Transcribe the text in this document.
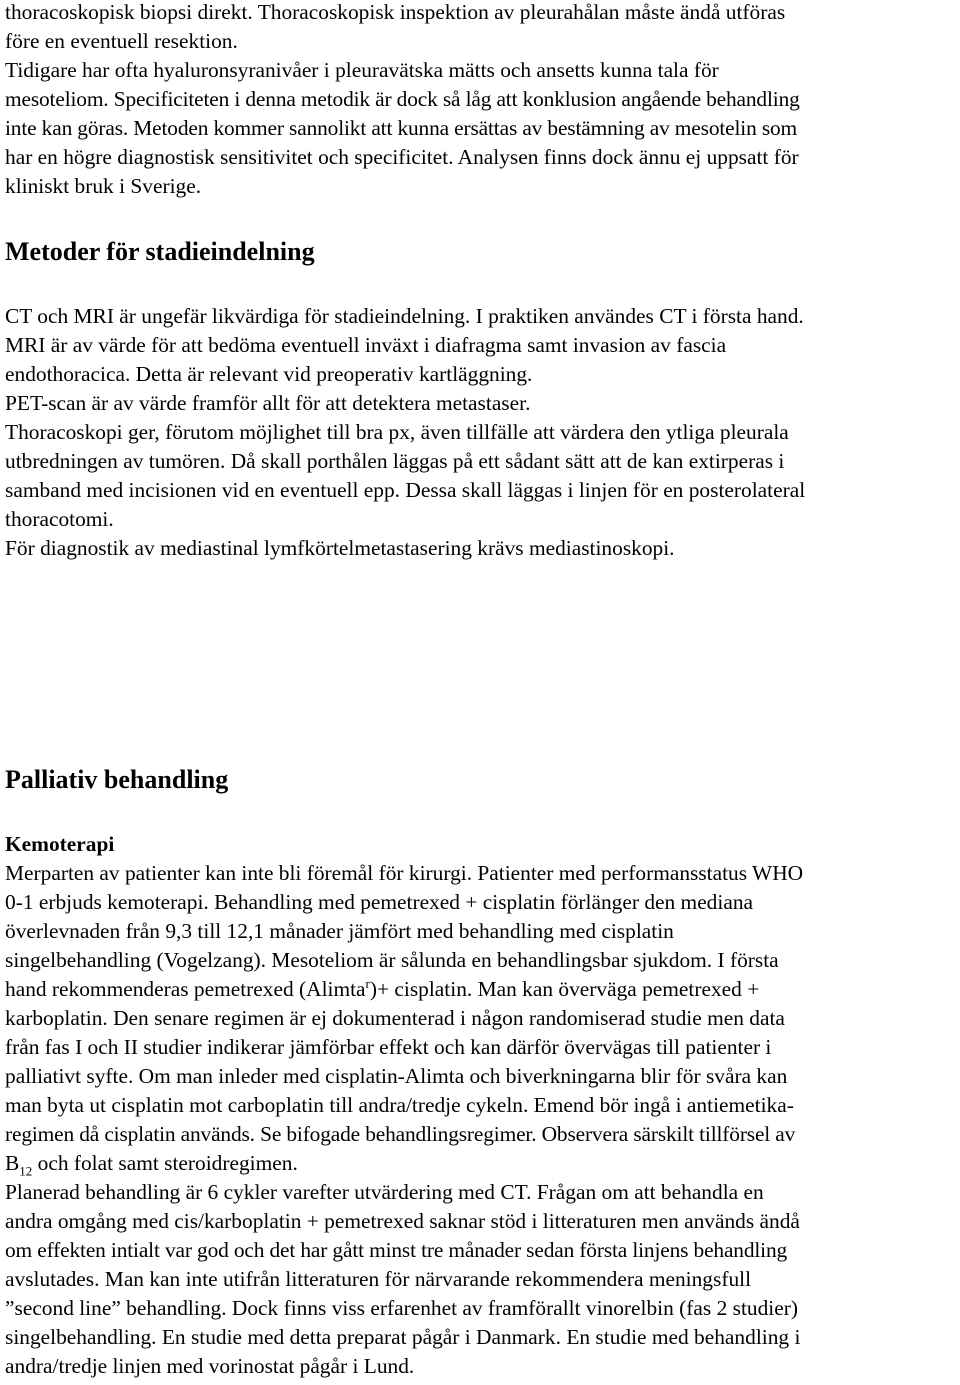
thoracoskopisk biopsi direkt. Thoracoskopisk inspektion av pleurahålan måste ändå utföras

före en eventuell resektion.

Tidigare har ofta hyaluronsyranivåer i pleuravätska mätts och ansetts kunna tala för

mesoteliom. Specificiteten i denna metodik är dock så låg att konklusion angående behandling

inte kan göras. Metoden kommer sannolikt att kunna ersättas av bestämning av mesotelin som

har en högre diagnostisk sensitivitet och specificitet. Analysen finns dock ännu ej uppsatt för

kliniskt bruk i Sverige.

Metoder för stadieindelning

CT och MRI är ungefär likvärdiga för stadieindelning. I praktiken användes CT i första hand.

MRI är av värde för att bedöma eventuell inväxt i diafragma samt invasion av fascia

endothoracica. Detta är relevant vid preoperativ kartläggning.

PET-scan är av värde framför allt för att detektera metastaser.

Thoracoskopi ger, förutom möjlighet till bra px, även tillfälle att värdera den ytliga pleurala

utbredningen av tumören. Då skall porthålen läggas på ett sådant sätt att de kan extirperas i

samband med incisionen vid en eventuell epp. Dessa skall läggas i linjen för en posterolateral

thoracotomi.

För diagnostik av mediastinal lymfkörtelmetastasering krävs mediastinoskopi.

Palliativ behandling
Kemoterapi

Merparten av patienter kan inte bli föremål för kirurgi. Patienter med performansstatus WHO

0-1 erbjuds kemoterapi. Behandling med pemetrexed + cisplatin förlänger den mediana

överlevnaden från 9,3 till 12,1 månader jämfört med behandling med cisplatin

singelbehandling (Vogelzang). Mesoteliom är sålunda en behandlingsbar sjukdom. I första

hand rekommenderas pemetrexed (Alimta$^r$)+ cisplatin. Man kan överväga pemetrexed +

karboplatin. Den senare regimen är ej dokumenterad i någon randomiserad studie men data

från fas I och II studier indikerar jämförbar effekt och kan därför övervägas till patienter i

palliativt syfte. Om man inleder med cisplatin-Alimta och biverkningarna blir för svåra kan

man byta ut cisplatin mot carboplatin till andra/tredje cykeln. Emend bör ingå i antiemetika-

regimen då cisplatin används. Se bifogade behandlingsregimer. Observera särskilt tillförsel av

$B_{12}$ och folat samt steroidregimen.

Planerad behandling är 6 cykler varefter utvärdering med CT. Frågan om att behandla en

andra omgång med cis/karboplatin + pemetrexed saknar stöd i litteraturen men används ändå

om effekten intialt var god och det har gått minst tre månader sedan första linjens behandling

avslutades. Man kan inte utifrån litteraturen för närvarande rekommendera meningsfull

”second line” behandling. Dock finns viss erfarenhet av framförallt vinorelbin (fas 2 studier)

singelbehandling. En studie med detta preparat pågår i Danmark. En studie med behandling i

andra/tredje linjen med vorinostat pågår i Lund.
